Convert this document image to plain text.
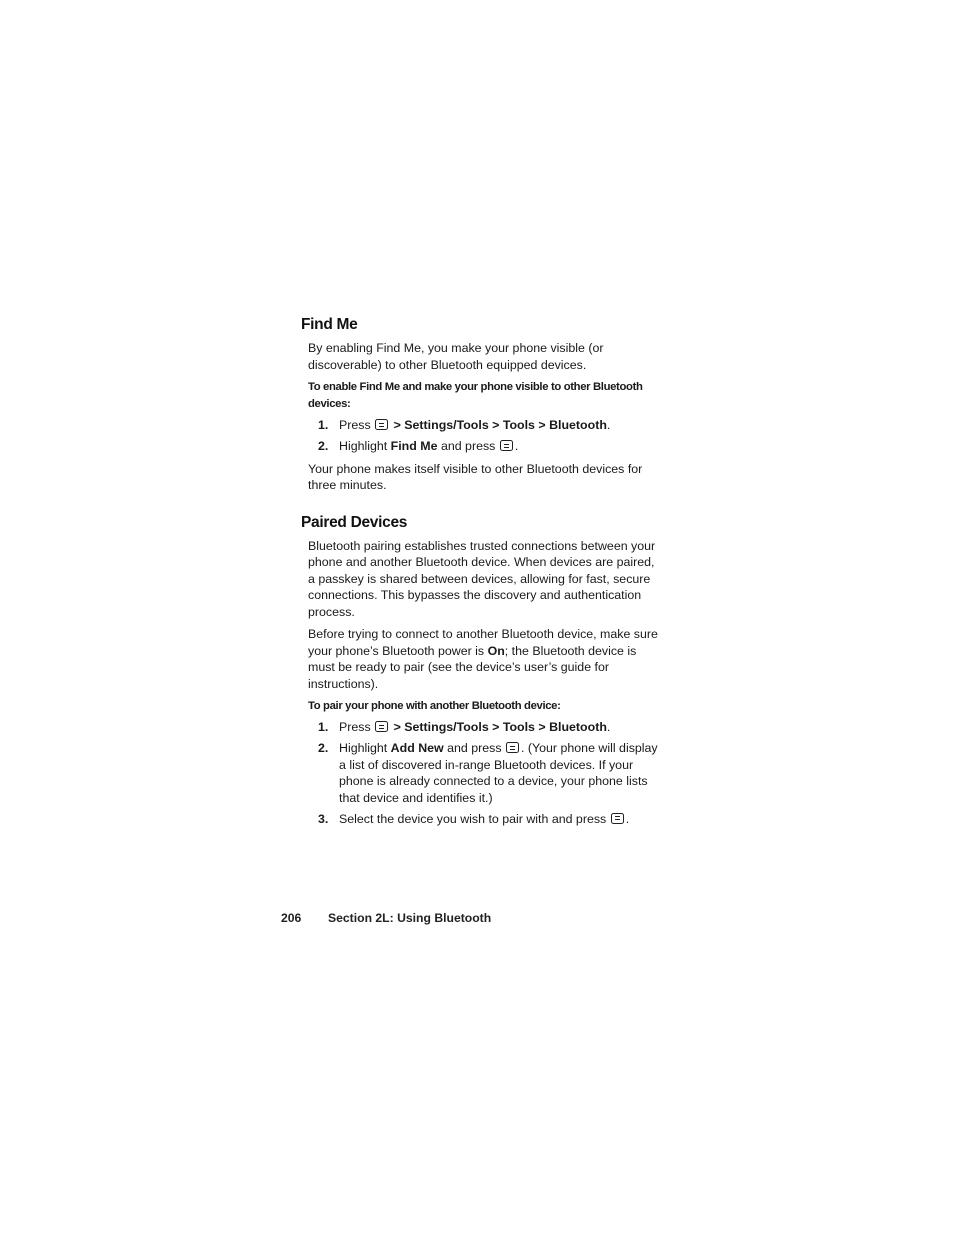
Find Me

By enabling Find Me, you make your phone visible (or discoverable) to other Bluetooth equipped devices.

To enable Find Me and make your phone visible to other Bluetooth devices:

1. Press > Settings/Tools > Tools > Bluetooth.
2. Highlight Find Me and press .

Your phone makes itself visible to other Bluetooth devices for three minutes.

Paired Devices

Bluetooth pairing establishes trusted connections between your phone and another Bluetooth device. When devices are paired, a passkey is shared between devices, allowing for fast, secure connections. This bypasses the discovery and authentication process.

Before trying to connect to another Bluetooth device, make sure your phone’s Bluetooth power is On; the Bluetooth device is must be ready to pair (see the device’s user’s guide for instructions).

To pair your phone with another Bluetooth device:

1. Press > Settings/Tools > Tools > Bluetooth.
2. Highlight Add New and press . (Your phone will display a list of discovered in-range Bluetooth devices. If your phone is already connected to a device, your phone lists that device and identifies it.)
3. Select the device you wish to pair with and press .
206 Section 2L: Using Bluetooth
